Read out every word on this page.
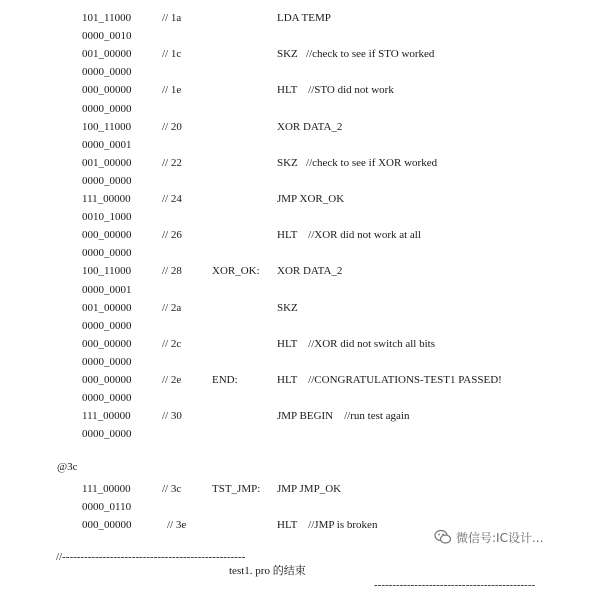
101_11000	// 1a	LDA TEMP
0000_0010
001_00000	// 1c	SKZ   //check to see if STO worked
0000_0000
000_00000	// 1e	HLT    //STO did not work
0000_0000
100_11000	// 20	XOR DATA_2
0000_0001
001_00000	// 22	SKZ   //check to see if XOR worked
0000_0000
111_00000	// 24	JMP XOR_OK
0010_1000
000_00000	// 26	HLT    //XOR did not work at all
0000_0000
100_11000	// 28	XOR_OK: XOR DATA_2
0000_0001
001_00000	// 2a	SKZ
0000_0000
000_00000	// 2c	HLT    //XOR did not switch all bits
0000_0000
000_00000	// 2e	END:	HLT    //CONGRATULATIONS-TEST1 PASSED!
0000_0000
111_00000	// 30	JMP BEGIN    //run test again
0000_0000
@3c
111_00000	// 3c	TST_JMP: JMP JMP_OK
0000_0110
000_00000	// 3e	HLT    //JMP is broken

//--------------------------------------------------

test1. pro 的结束

--------------------------------------------

微信号:IC设计...
